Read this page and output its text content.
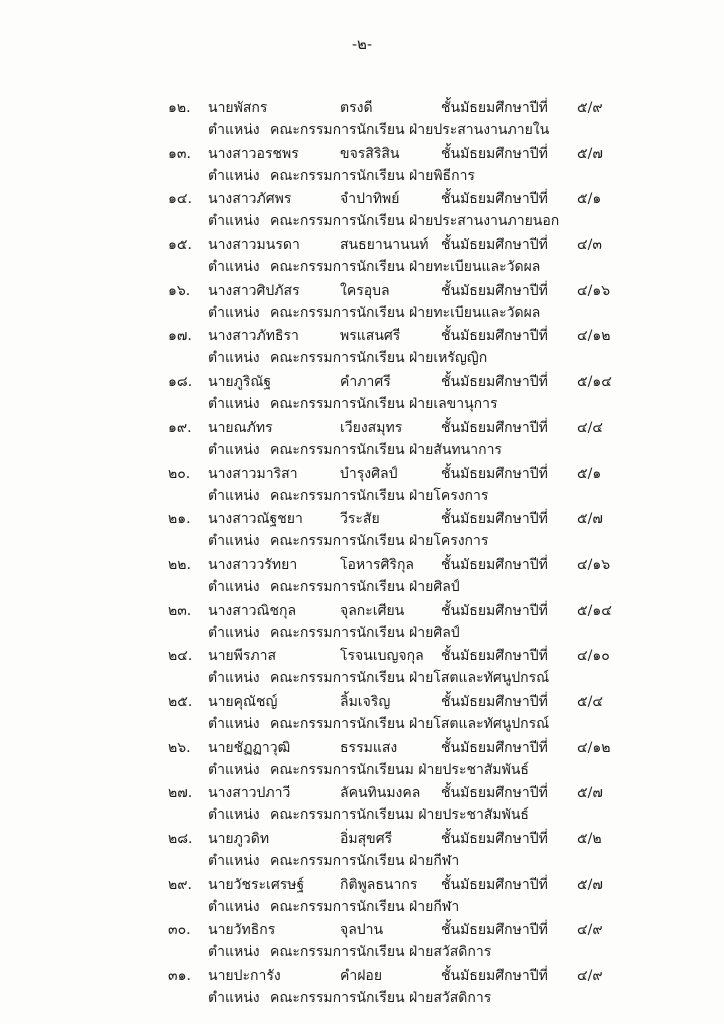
-๒-
๑๒. นายพัสกร	ตรงดี	ชั้นมัธยมศึกษาปีที่ ๕/๙
ตำแหน่ง คณะกรรมการนักเรียน ฝ่ายประสานงานภายใน
๑๓. นางสาวอรชพร	ขจรสิริสิน	ชั้นมัธยมศึกษาปีที่ ๕/๗
ตำแหน่ง คณะกรรมการนักเรียน ฝ่ายพิธีการ
๑๔. นางสาวภัศพร	จำปาทิพย์	ชั้นมัธยมศึกษาปีที่ ๕/๑
ตำแหน่ง คณะกรรมการนักเรียน ฝ่ายประสานงานภายนอก
๑๕. นางสาวมนรดา	สนธยานานนท์ ชั้นมัธยมศึกษาปีที่ ๔/๓
ตำแหน่ง คณะกรรมการนักเรียน ฝ่ายทะเบียนและวัดผล
๑๖. นางสาวศิปภัสร	ใครอุบล	ชั้นมัธยมศึกษาปีที่ ๔/๑๖
ตำแหน่ง คณะกรรมการนักเรียน ฝ่ายทะเบียนและวัดผล
๑๗. นางสาวภัทธิรา	พรแสนศรี	ชั้นมัธยมศึกษาปีที่ ๔/๑๒
ตำแหน่ง คณะกรรมการนักเรียน ฝ่ายเหรัญญิก
๑๘. นายภูริณัฐ	คำภาศรี	ชั้นมัธยมศึกษาปีที่ ๕/๑๔
ตำแหน่ง คณะกรรมการนักเรียน ฝ่ายเลขานุการ
๑๙. นายณภัทร	เวียงสมุทร	ชั้นมัธยมศึกษาปีที่ ๔/๔
ตำแหน่ง คณะกรรมการนักเรียน ฝ่ายสันทนาการ
๒๐. นางสาวมาริสา	บำรุงศิลป์	ชั้นมัธยมศึกษาปีที่ ๕/๑
ตำแหน่ง คณะกรรมการนักเรียน ฝ่ายโครงการ
๒๑. นางสาวณัฐชยา	วีระสัย	ชั้นมัธยมศึกษาปีที่ ๕/๗
ตำแหน่ง คณะกรรมการนักเรียน ฝ่ายโครงการ
๒๒. นางสาววรัทยา	โอหารศิริกุล ชั้นมัธยมศึกษาปีที่ ๔/๑๖
ตำแหน่ง คณะกรรมการนักเรียน ฝ่ายศิลป์
๒๓. นางสาวณิชกุล	จุลกะเศียน	ชั้นมัธยมศึกษาปีที่ ๕/๑๔
ตำแหน่ง คณะกรรมการนักเรียน ฝ่ายศิลป์
๒๔. นายพีรภาส	โรจนเบญจกุล ชั้นมัธยมศึกษาปีที่ ๔/๑๐
ตำแหน่ง คณะกรรมการนักเรียน ฝ่ายโสตและทัศนูปกรณ์
๒๕. นายคุณัชญ์	ลิ้มเจริญ	ชั้นมัธยมศึกษาปีที่ ๕/๔
ตำแหน่ง คณะกรรมการนักเรียน ฝ่ายโสตและทัศนูปกรณ์
๒๖. นายชัฏฏาวุฒิ	ธรรมแสง	ชั้นมัธยมศึกษาปีที่ ๔/๑๒
ตำแหน่ง คณะกรรมการนักเรียนม ฝ่ายประชาสัมพันธ์
๒๗. นางสาวปภาวี	ลัคนทินมงคล ชั้นมัธยมศึกษาปีที่ ๕/๗
ตำแหน่ง คณะกรรมการนักเรียนม ฝ่ายประชาสัมพันธ์
๒๘. นายภูวดิท	อิ่มสุขศรี	ชั้นมัธยมศึกษาปีที่ ๕/๒
ตำแหน่ง คณะกรรมการนักเรียน ฝ่ายกีฬา
๒๙. นายวัชระเศรษฐ์	กิติพูลธนากร ชั้นมัธยมศึกษาปีที่ ๕/๗
ตำแหน่ง คณะกรรมการนักเรียน ฝ่ายกีฬา
๓๐. นายวัทธิกร	จุลปาน	ชั้นมัธยมศึกษาปีที่ ๔/๙
ตำแหน่ง คณะกรรมการนักเรียน ฝ่ายสวัสดิการ
๓๑. นายปะการัง	คำฝอย	ชั้นมัธยมศึกษาปีที่ ๔/๙
ตำแหน่ง คณะกรรมการนักเรียน ฝ่ายสวัสดิการ
